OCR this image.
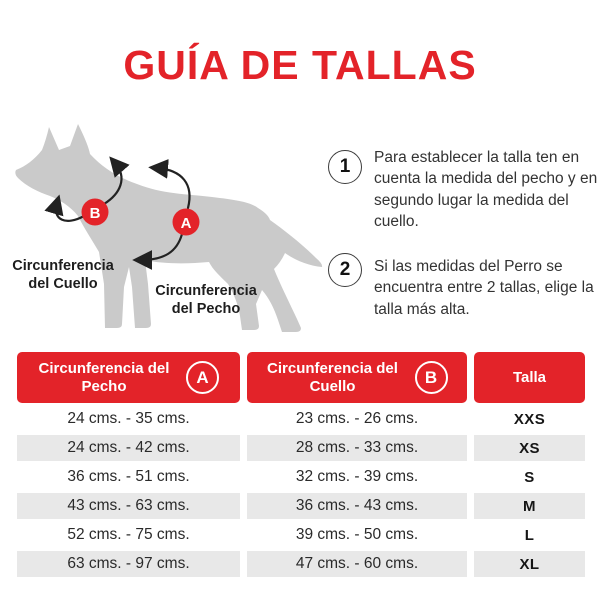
GUÍA DE TALLAS
B
A
Circunferencia del Cuello	Circunferencia del Pecho
1 Para establecer la talla ten en cuenta la medida del pecho y en segundo lugar la medida del cuello.
2 Si las medidas del Perro se encuentra entre 2 tallas, elige la talla más alta.
Circunferencia del Pecho	A	Circunferencia del Cuello	B	Talla
24 cms. - 35 cms.	23 cms. - 26 cms.	XXS
24 cms. - 42 cms.	28 cms. - 33 cms.	XS
36 cms. - 51 cms.	32 cms. - 39 cms.	S
43 cms. - 63 cms.	36 cms. - 43 cms.	M
52 cms. - 75 cms.	39 cms. - 50 cms.	L
63 cms. - 97 cms.	47 cms. - 60 cms.	XL
